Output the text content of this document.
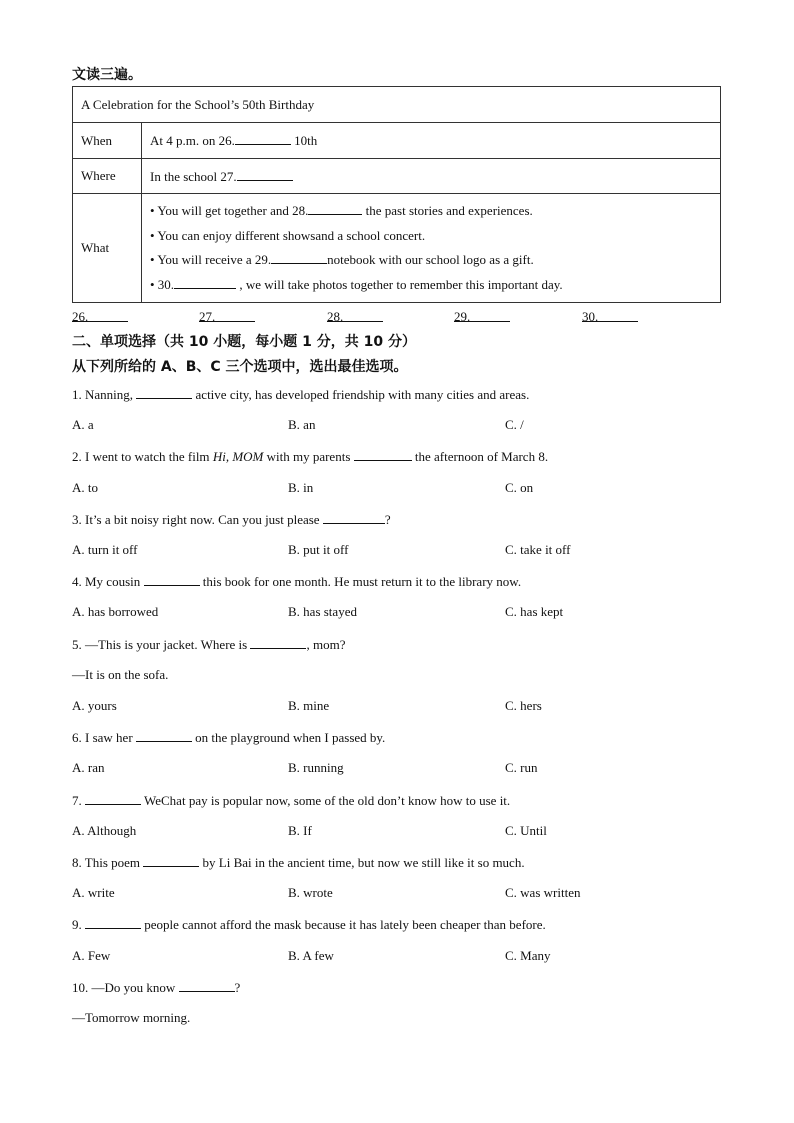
文读三遍。
A Celebration for the School’s 50th Birthday	
When	At 4 p.m. on 26. 10th
Where	In the school 27.
What	• You will get together and 28. the past stories and experiences.
• You can enjoy different showsand a school concert.
• You will receive a 29. notebook with our school logo as a gift.
• 30. , we will take photos together to remember this important day.
26.	27.	28.	29.	30.
二、单项选择（共 10 小题，每小题 1 分，共 10 分）
从下列所给的 A、B、C 三个选项中，选出最佳选项。
1. Nanning,	active city, has developed friendship with many cities and areas.
A. a	B. an	C. /
2. I went to watch the film Hi, MOM with my parents	the afternoon of March 8.
A. to	B. in	C. on
3. It’s a bit noisy right now. Can you just please	?
A. turn it off	B. put it off	C. take it off
4. My cousin	this book for one month. He must return it to the library now.
A. has borrowed	B. has stayed	C. has kept
5. —This is your jacket. Where is	, mom?
—It is on the sofa.
A. yours	B. mine	C. hers
6. I saw her	on the playground when I passed by.
A. ran	B. running	C. run
7.	WeChat pay is popular now, some of the old don’t know how to use it.
A. Although	B. If	C. Until
8. This poem	by Li Bai in the ancient time, but now we still like it so much.
A. write	B. wrote	C. was written
9.	people cannot afford the mask because it has lately been cheaper than before.
A. Few	B. A few	C. Many
10. —Do you know	?
—Tomorrow morning.
